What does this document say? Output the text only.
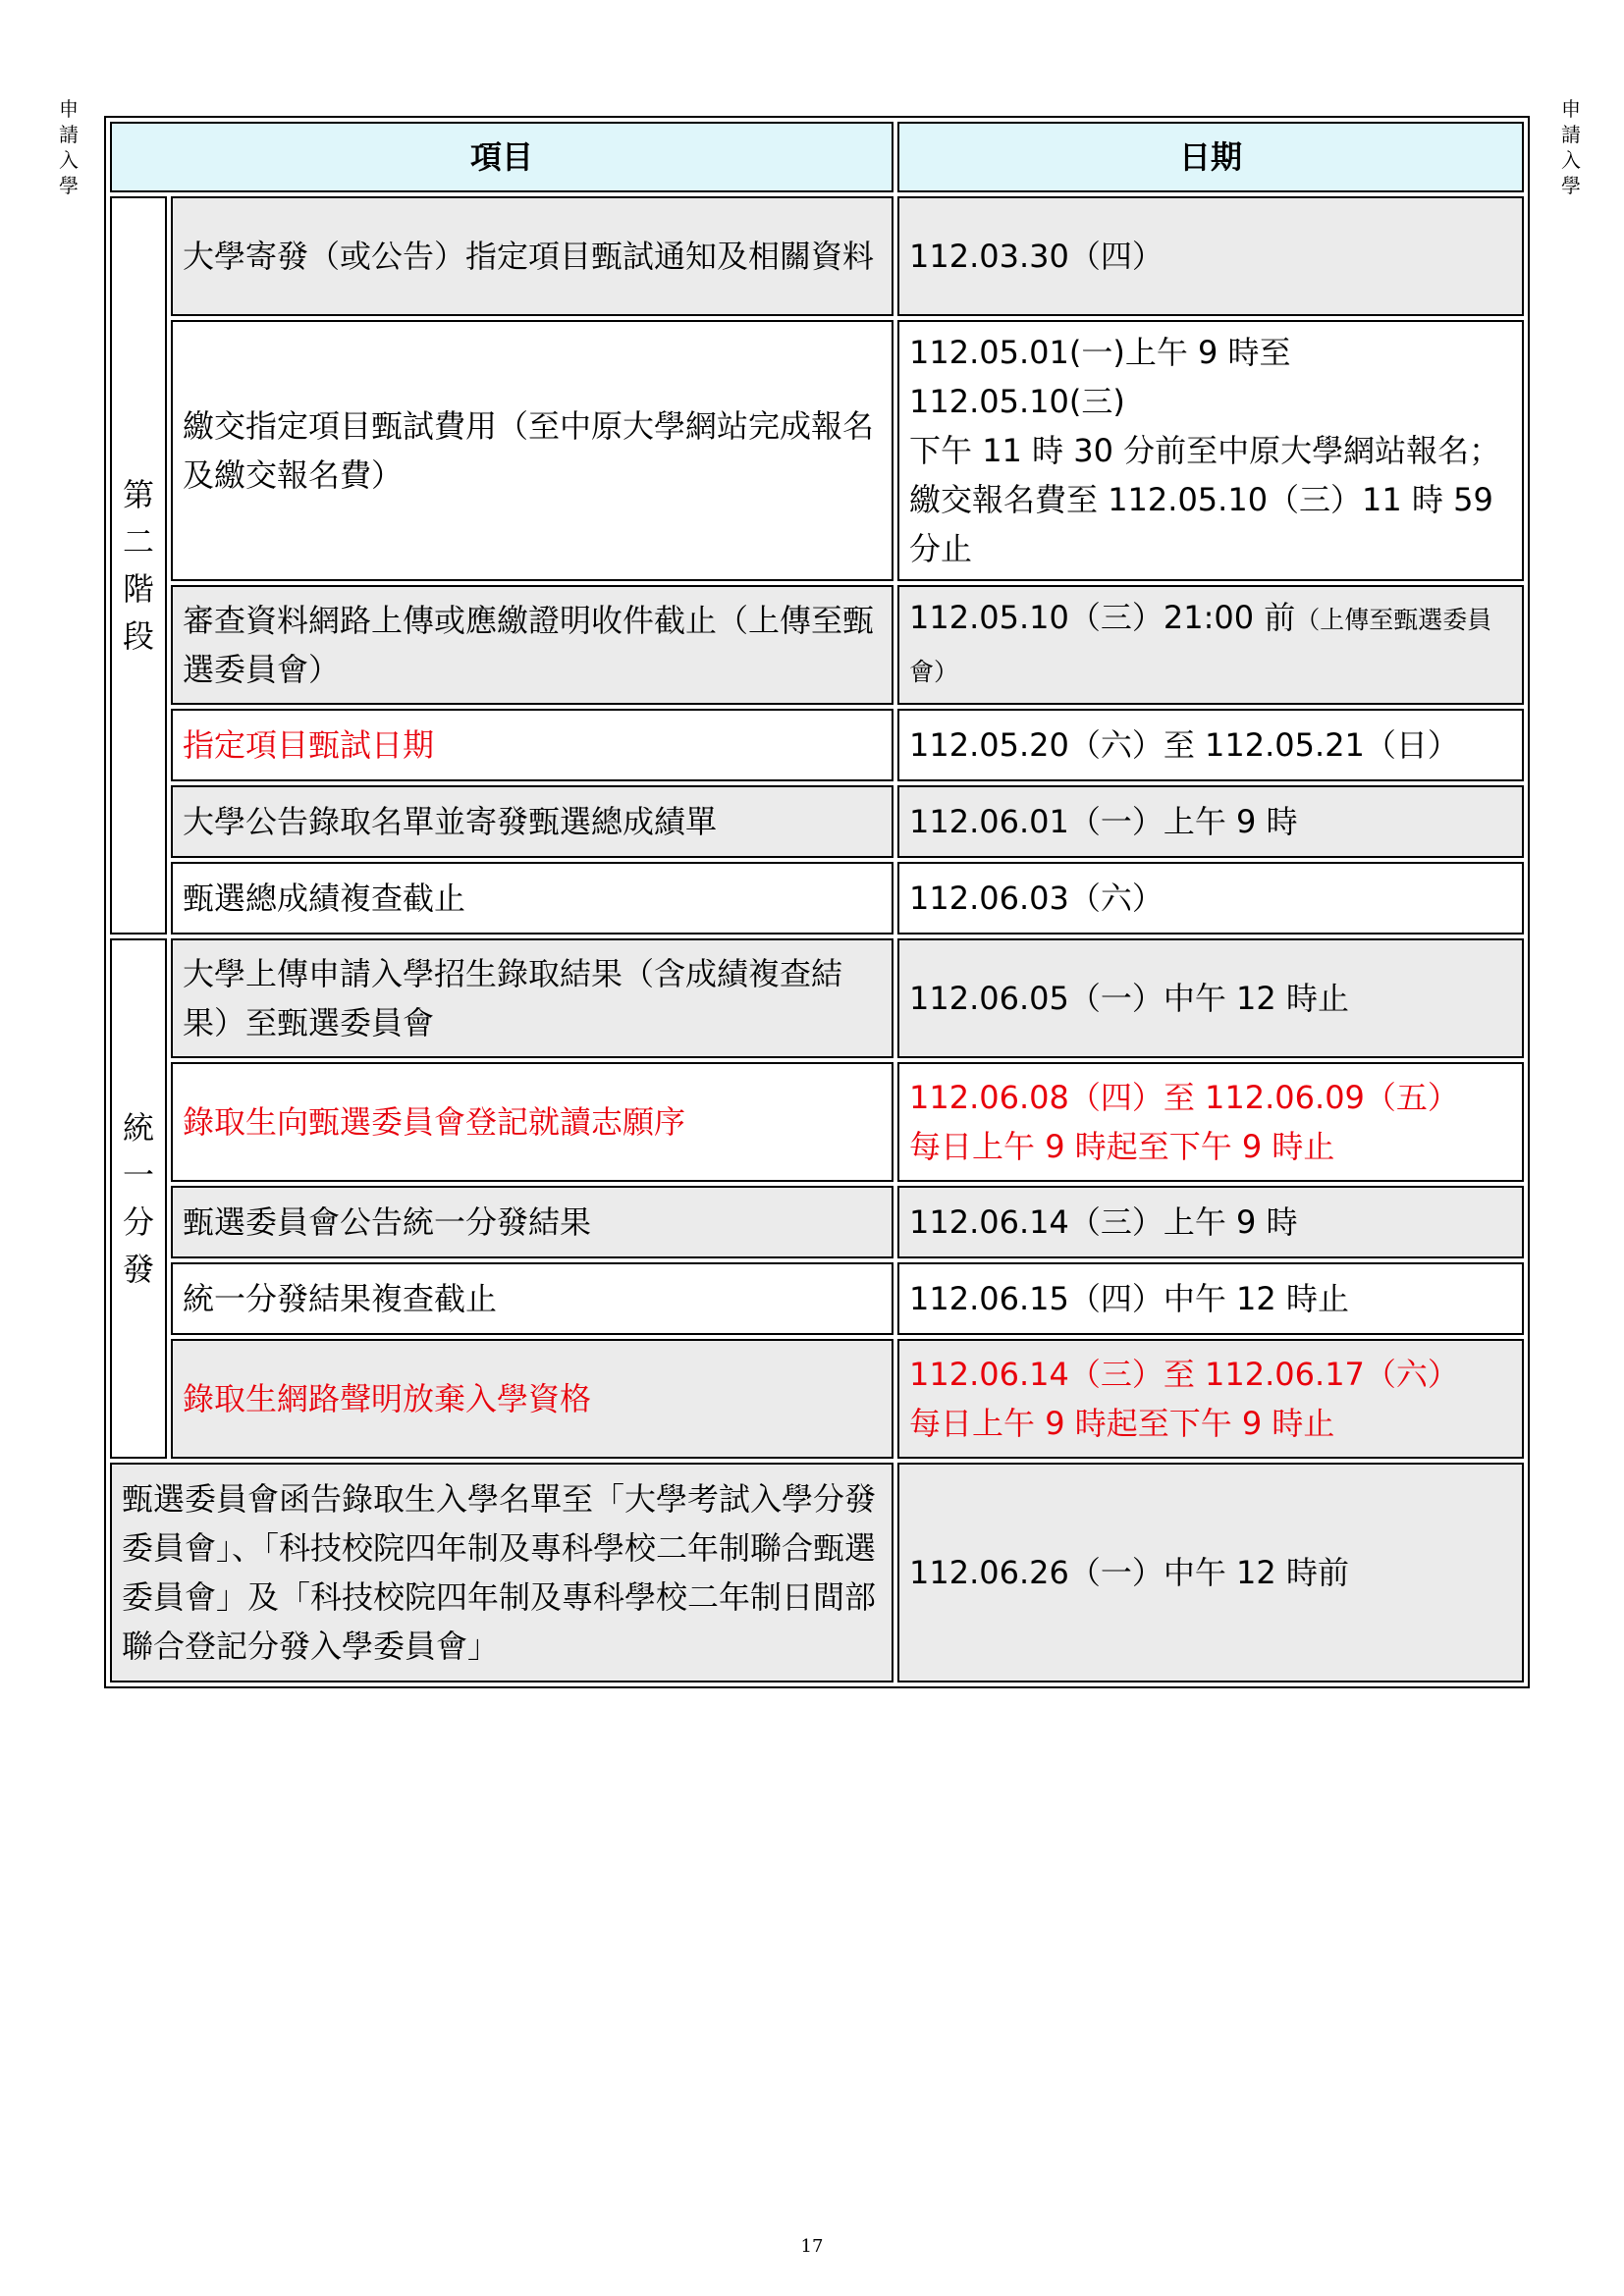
申
請
入
學
申
請
入
學
項目		日期

第
二
階
段	大學寄發（或公告）指定項目甄試通知及相關資料	112.03.30（四）
	繳交指定項目甄試費用（至中原大學網站完成報名及繳交報名費）	112.05.01(一)上午 9 時至 112.05.10(三)
下午 11 時 30 分前至中原大學網站報名；
繳交報名費至 112.05.10（三）11 時 59
分止

	審查資料網路上傳或應繳證明收件截止（上傳至甄選委員會）	112.05.10（三）21:00 前（上傳至甄選委員會）
	指定項目甄試日期	112.05.20（六）至 112.05.21（日）
	大學公告錄取名單並寄發甄選總成績單	112.06.01（一）上午 9 時
	甄選總成績複查截止	112.06.03（六）

統
一
分
發	大學上傳申請入學招生錄取結果（含成績複查結果）至甄選委員會	112.06.05（一）中午 12 時止
	錄取生向甄選委員會登記就讀志願序	112.06.08（四）至 112.06.09（五）
每日上午 9 時起至下午 9 時止

	甄選委員會公告統一分發結果	112.06.14（三）上午 9 時
	統一分發結果複查截止	112.06.15（四）中午 12 時止
	錄取生網路聲明放棄入學資格	112.06.14（三）至 112.06.17（六）
每日上午 9 時起至下午 9 時止

甄選委員會函告錄取生入學名單至「大學考試入學分發委員會」、「科技校院四年制及專科學校二年制聯合甄選委員會」及「科技校院四年制及專科學校二年制日間部聯合登記分發入學委員會」		112.06.26（一）中午 12 時前
17
